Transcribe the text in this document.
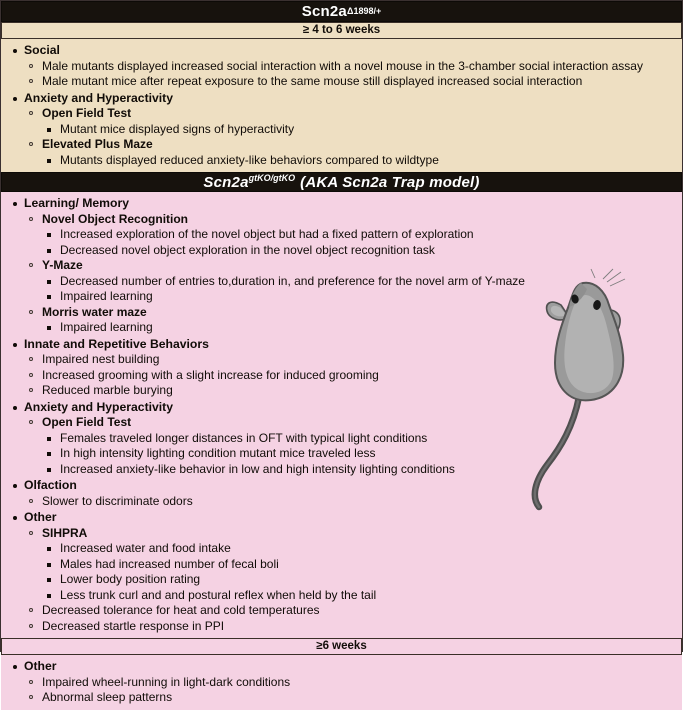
Scn2a Δ1898/+
≥ 4 to 6 weeks
Social
Male mutants displayed increased social interaction with a novel mouse in the 3-chamber social interaction assay
Male mutant mice after repeat exposure to the same mouse still displayed increased social interaction
Anxiety and Hyperactivity
Open Field Test
Mutant mice displayed signs of hyperactivity
Elevated Plus Maze
Mutants displayed reduced anxiety-like behaviors compared to wildtype
$Scn2a^{gtKO/gtKO}$ (AKA Scn2a Trap model)
Learning/ Memory
Novel Object Recognition
Increased exploration of the novel object but had a fixed pattern of exploration
Decreased novel object exploration in the novel object recognition task
Y-Maze
Decreased number of entries to,duration in, and preference for the novel arm of Y-maze
Impaired learning
Morris water maze
Impaired learning
Innate and Repetitive Behaviors
Impaired nest building
Increased grooming with a slight increase for induced grooming
Reduced marble burying
Anxiety and Hyperactivity
Open Field Test
Females traveled longer distances in OFT with typical light conditions
In high intensity lighting condition mutant mice traveled less
Increased anxiety-like behavior in low and high intensity lighting conditions
Olfaction
Slower to discriminate odors
Other
SIHPRA
Increased water and food intake
Males had increased number of fecal boli
Lower body position rating
Less trunk curl and and postural reflex when held by the tail
Decreased tolerance for heat and cold temperatures
Decreased startle response in PPI
≥6 weeks
Other
Impaired wheel-running in light-dark conditions
Abnormal sleep patterns
